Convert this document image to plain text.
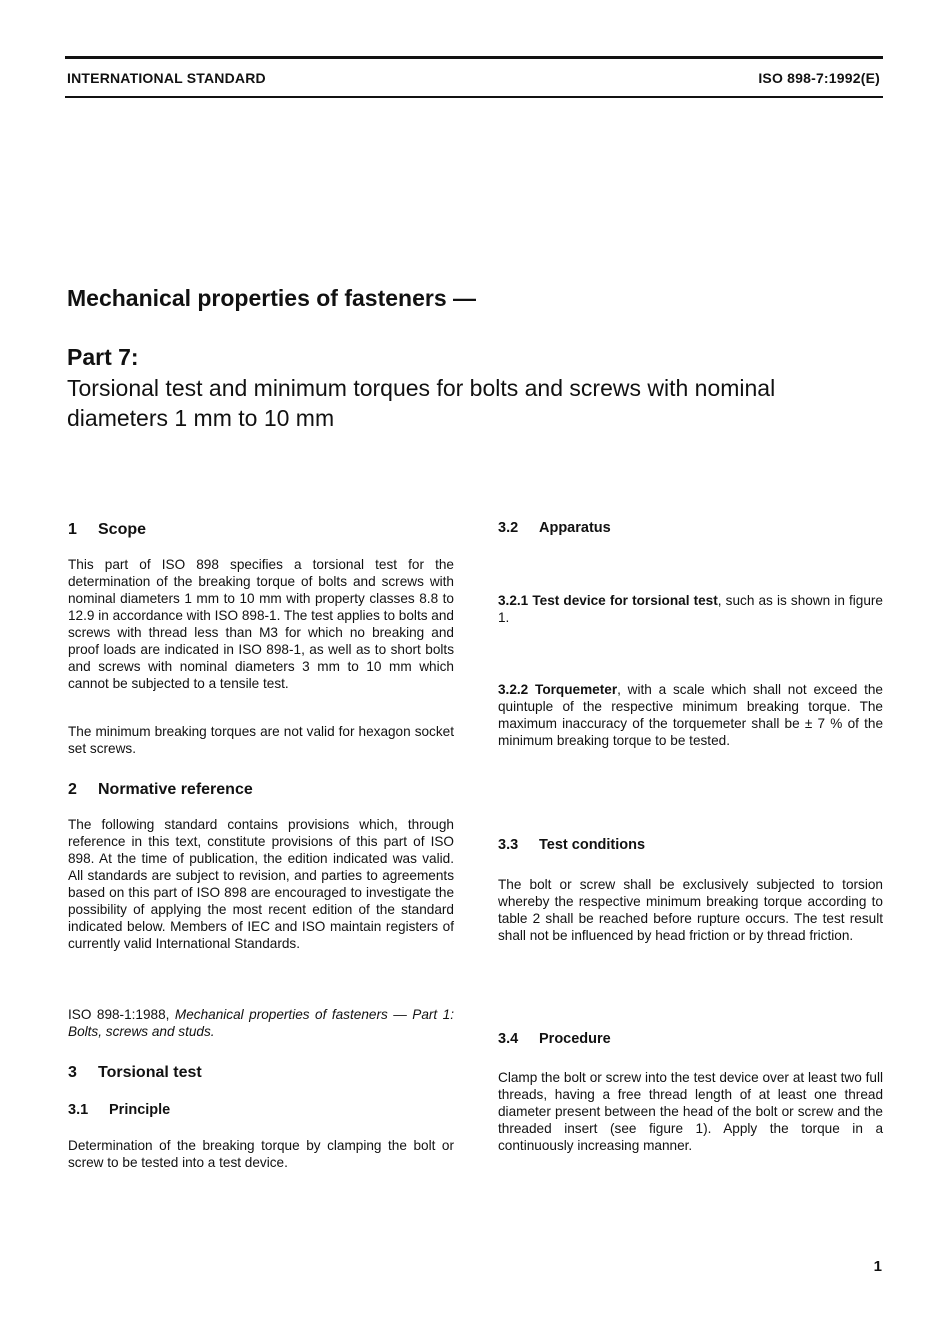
INTERNATIONAL STANDARD	ISO 898-7:1992(E)
Mechanical properties of fasteners —
Part 7:
Torsional test and minimum torques for bolts and screws with nominal diameters 1 mm to 10 mm
1 Scope

This part of ISO 898 specifies a torsional test for the determination of the breaking torque of bolts and screws with nominal diameters 1 mm to 10 mm with property classes 8.8 to 12.9 in accordance with ISO 898-1. The test applies to bolts and screws with thread less than M3 for which no breaking and proof loads are indicated in ISO 898-1, as well as to short bolts and screws with nominal diameters 3 mm to 10 mm which cannot be subjected to a tensile test.

The minimum breaking torques are not valid for hexagon socket set screws.

2 Normative reference

The following standard contains provisions which, through reference in this text, constitute provisions of this part of ISO 898. At the time of publication, the edition indicated was valid. All standards are subject to revision, and parties to agreements based on this part of ISO 898 are encouraged to investigate the possibility of applying the most recent edition of the standard indicated below. Members of IEC and ISO maintain registers of currently valid International Standards.

ISO 898-1:1988, Mechanical properties of fasteners — Part 1: Bolts, screws and studs.

3 Torsional test
3.1 Principle

Determination of the breaking torque by clamping the bolt or screw to be tested into a test device.

3.2 Apparatus

3.2.1 Test device for torsional test, such as is shown in figure 1.

3.2.2 Torquemeter, with a scale which shall not exceed the quintuple of the respective minimum breaking torque. The maximum inaccuracy of the torquemeter shall be ± 7 % of the minimum breaking torque to be tested.

3.3 Test conditions

The bolt or screw shall be exclusively subjected to torsion whereby the respective minimum breaking torque according to table 2 shall be reached before rupture occurs. The test result shall not be influenced by head friction or by thread friction.

3.4 Procedure

Clamp the bolt or screw into the test device over at least two full threads, having a free thread length of at least one thread diameter present between the head of the bolt or screw and the threaded insert (see figure 1). Apply the torque in a continuously increasing manner.

1
